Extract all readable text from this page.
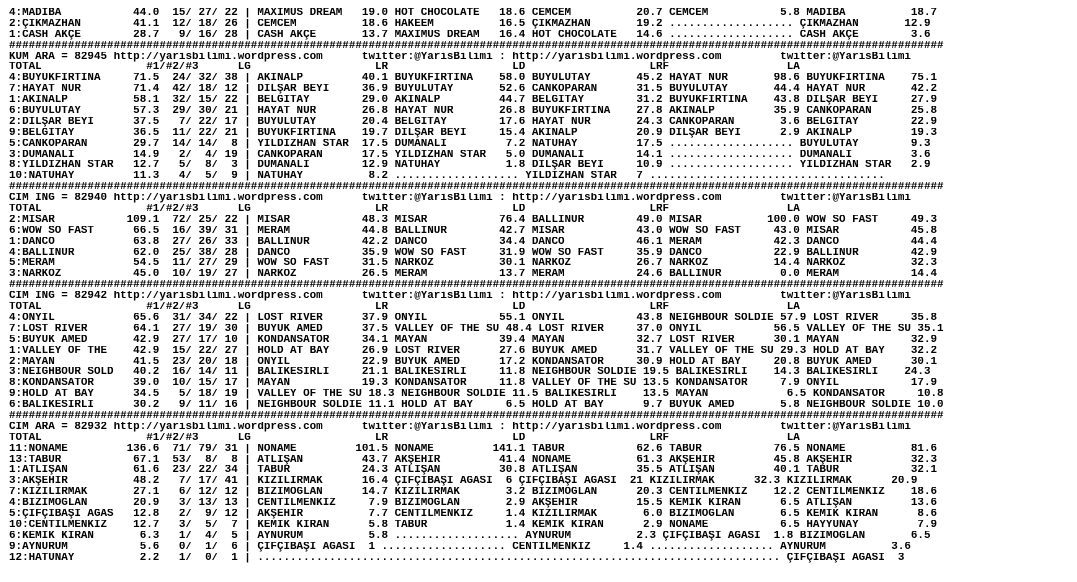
4:MADIBA           44.0  15/ 27/ 22 | MAXIMUS DREAM   19.0 HOT CHOCOLATE   18.6 CEMCEM          20.7 CEMCEM           5.8 MADIBA          18.7
2:ÇIKMAZHAN        41.1  12/ 18/ 26 | CEMCEM          18.6 HAKEEM          16.5 ÇIKMAZHAN       19.2 ................... ÇIKMAZHAN       12.9
1:CASH AKÇE        28.7   9/ 16/ 28 | CASH AKÇE       13.7 MAXIMUS DREAM   16.4 HOT CHOCOLATE   14.6 ................... CASH AKÇE        3.6
###############################################################################################################################################
KUM ARA = 82945 http://yarisbilimi.wordpress.com      twitter:@YarisBilimi : http://yarisbilimi.wordpress.com         twitter:@YarisBilimi
TOTAL                #1/#2/#3      LG                   LR                   LD                   LRF                  LA
4:BÜYÜKFIRTINA     71.5  24/ 32/ 38 | AKINALP         40.1 BÜYÜKFIRTINA    58.0 BÜYÜLÜTAY       45.2 HAYAT NUR       98.6 BÜYÜKFIRTINA    75.1
7:HAYAT NUR        71.4  42/ 18/ 12 | DILŞAR BEYİ     36.9 BÜYÜLÜTAY       52.6 CANKOPARAN      31.5 BÜYÜLÜTAY       44.4 HAYAT NUR       42.2
1:AKINALP          58.1  32/ 15/ 22 | BELGİTAY        29.0 AKINALP         44.7 BELGİTAY        31.2 BÜYÜKFIRTINA    43.8 DILŞAR BEYİ     27.9
6:BÜYÜLÜTAY        57.3  29/ 30/ 21 | HAYAT NUR       26.8 HAYAT NUR       26.8 BÜYÜKFIRTINA    27.8 AKINALP         35.9 CANKOPARAN      25.8
2:DILŞAR BEYİ      37.5   7/ 22/ 17 | BÜYÜLÜTAY       20.4 BELGİTAY        17.6 HAYAT NUR       24.3 CANKOPARAN       3.6 BELGİTAY        22.9
9:BELGİTAY         36.5  11/ 22/ 21 | BÜYÜKFIRTINA    19.7 DILŞAR BEYİ     15.4 AKINALP         20.9 DILŞAR BEYİ      2.9 AKINALP         19.3
5:CANKOPARAN       29.7  14/ 14/  8 | YILDIZHAN STAR  17.5 DUMANALI         7.2 NATUHAY         17.5 ................... BÜYÜLÜTAY        9.3
3:DUMANALI         14.9   2/  4/ 19 | CANKOPARAN      17.5 YILDIZHAN STAR   5.0 DUMANALI        14.1 ................... DUMANALI         3.6
8:YILDIZHAN STAR   12.7   5/  8/  3 | DUMANALI        12.9 NATUHAY          1.8 DILŞAR BEYİ     10.9 ................... YILDIZHAN STAR   2.9
10:NATUHAY         11.3   4/  5/  9 | NATUHAY          8.2 ................... YILDIZHAN STAR   7 ....................................
###############################################################################################################################################
CIM ING = 82940 http://yarisbilimi.wordpress.com      twitter:@YarisBilimi : http://yarisbilimi.wordpress.com         twitter:@YarisBilimi
TOTAL                #1/#2/#3      LG                   LR                   LD                   LRF                  LA
2:MISAR           109.1  72/ 25/ 22 | MISAR           48.3 MISAR           76.4 BALLINUR        49.0 MISAR          100.0 WOW SO FAST     49.3
6:WOW SO FAST      66.5  16/ 39/ 31 | MERAM           44.8 BALLINUR        42.7 MISAR           43.0 WOW SO FAST     43.0 MISAR           45.8
1:DANCO            63.8  27/ 26/ 33 | BALLINUR        42.2 DANCO           34.4 DANCO           46.1 MERAM           42.3 DANCO           44.4
4:BALLINUR         62.0  25/ 38/ 28 | DANCO           35.9 WOW SO FAST     31.9 WOW SO FAST     35.9 DANCO           22.9 BALLINUR        42.9
5:MERAM            54.5  11/ 27/ 29 | WOW SO FAST     31.5 NARKOZ          30.1 NARKOZ          26.7 NARKOZ          14.4 NARKOZ          32.3
3:NARKOZ           45.0  10/ 19/ 27 | NARKOZ          26.5 MERAM           13.7 MERAM           24.6 BALLINUR         0.0 MERAM           14.4
###############################################################################################################################################
CIM ING = 82942 http://yarisbilimi.wordpress.com      twitter:@YarisBilimi : http://yarisbilimi.wordpress.com         twitter:@YarisBilimi
TOTAL                #1/#2/#3      LG                   LR                   LD                   LRF                  LA
4:ONYIL            65.6  31/ 34/ 22 | LOST RIVER      37.9 ONYIL           55.1 ONYIL           43.8 NEIGHBOUR SOLDIE 57.9 LOST RIVER     35.8
7:LOST RIVER       64.1  27/ 19/ 30 | BÜYÜK AMED      37.5 VALLEY OF THE SU 48.4 LOST RIVER     37.0 ONYIL           56.5 VALLEY OF THE SU 35.1
5:BÜYÜK AMED       42.9  27/ 17/ 10 | KONDANSATÖR     34.1 MAYAN           39.4 MAYAN           32.7 LOST RIVER      30.1 MAYAN           32.9
1:VALLEY OF THE    42.9  15/ 22/ 27 | HOLD AT BAY     26.9 LOST RIVER      27.6 BÜYÜK AMED      31.7 VALLEY OF THE SU 29.3 HOLD AT BAY    32.2
2:MAYAN            41.5  23/ 20/ 18 | ONYIL           22.9 BÜYÜK AMED      17.2 KONDANSATÖR     30.9 HOLD AT BAY     20.8 BÜYÜK AMED      30.1
3:NEIGHBOUR SOLD   40.2  16/ 14/ 11 | BALIKESİRLİ     21.1 BALIKESİRLİ     11.8 NEIGHBOUR SOLDIE 19.5 BALIKESİRLİ    14.3 BALIKESİRLİ    24.3
8:KONDANSATÖR      39.0  10/ 15/ 17 | MAYAN           19.3 KONDANSATÖR     11.8 VALLEY OF THE SU 13.5 KONDANSATÖR     7.9 ONYIL           17.9
9:HOLD AT BAY      34.5   5/ 18/ 19 | VALLEY OF THE SU 18.3 NEIGHBOUR SOLDIE 11.5 BALIKESİRLİ    13.5 MAYAN            6.5 KONDANSATÖR     10.8
6:BALIKESİRLİ      30.2   9/ 11/ 16 | NEIGHBOUR SOLDIE 11.1 HOLD AT BAY     6.5 HOLD AT BAY      9.7 BÜYÜK AMED       5.8 NEIGHBOUR SOLDIE 10.0
###############################################################################################################################################
CIM ARA = 82932 http://yarisbilimi.wordpress.com      twitter:@YarisBilimi : http://yarisbilimi.wordpress.com         twitter:@YarisBilimi
TOTAL                #1/#2/#3      LG                   LR                   LD                   LRF                  LA
11:NONAME         136.6  71/ 79/ 31 | NONAME         101.5 NONAME         141.1 TABUR           62.6 TABUR           76.5 NONAME          81.6
13:TABUR           67.1  53/  8/  8 | ATLIŞAN         43.7 AKŞEHİR         41.4 NONAME          61.3 AKŞEHİR         45.8 AKŞEHİR         32.3
1:ATLIŞAN          61.6  23/ 22/ 34 | TABUR           24.3 ATLIŞAN         30.8 ATLIŞAN         35.5 ATLIŞAN         40.1 TABUR           32.1
3:AKŞEHİR          48.2   7/ 17/ 41 | KIZILIRMAK      16.4 ÇİFÇİBAŞI AĞASI  6 ÇİFÇİBAŞI AĞASI  21 KIZILIRMAK      32.3 KIZILIRMAK      20.9
7:KIZILIRMAK       27.1   6/ 12/ 12 | BİZİMOĞLAN      14.7 KIZILIRMAK       3.2 BİZİMOĞLAN      20.3 CENTİLMENKIZ    12.2 CENTİLMENKIZ    18.6
4:BİZİMOĞLAN       20.9   3/ 13/ 13 | CENTİLMENKIZ     7.9 BİZİMOĞLAN       2.9 AKŞEHİR         15.5 KEMİK KIRAN      6.5 ATLIŞAN         13.6
5:ÇİFÇİBAŞI AĞAS   12.8   2/  9/ 12 | AKŞEHİR          7.7 CENTİLMENKIZ     1.4 KIZILIRMAK       6.0 BİZİMOĞLAN       6.5 KEMİK KIRAN      8.6
10:CENTİLMENKIZ    12.7   3/  5/  7 | KEMİK KIRAN      5.8 TABUR            1.4 KEMİK KIRAN      2.9 NONAME           6.5 HAYYUNAY         7.9
6:KEMİK KIRAN       6.3   1/  4/  5 | AYNURUM          5.8 ................... AYNURUM          2.3 ÇİFÇİBAŞI AĞASI  1.8 BİZİMOĞLAN       6.5
9:AYNURUM           5.6   0/  1/  6 | ÇİFÇİBAŞI AĞASI  1 ................... CENTİLMENKIZ     1.4 ................... AYNURUM          3.6
12:HATUNAY          2.2   1/  0/  1 | ................................................................................ ÇİFÇİBAŞI AĞASI  3
